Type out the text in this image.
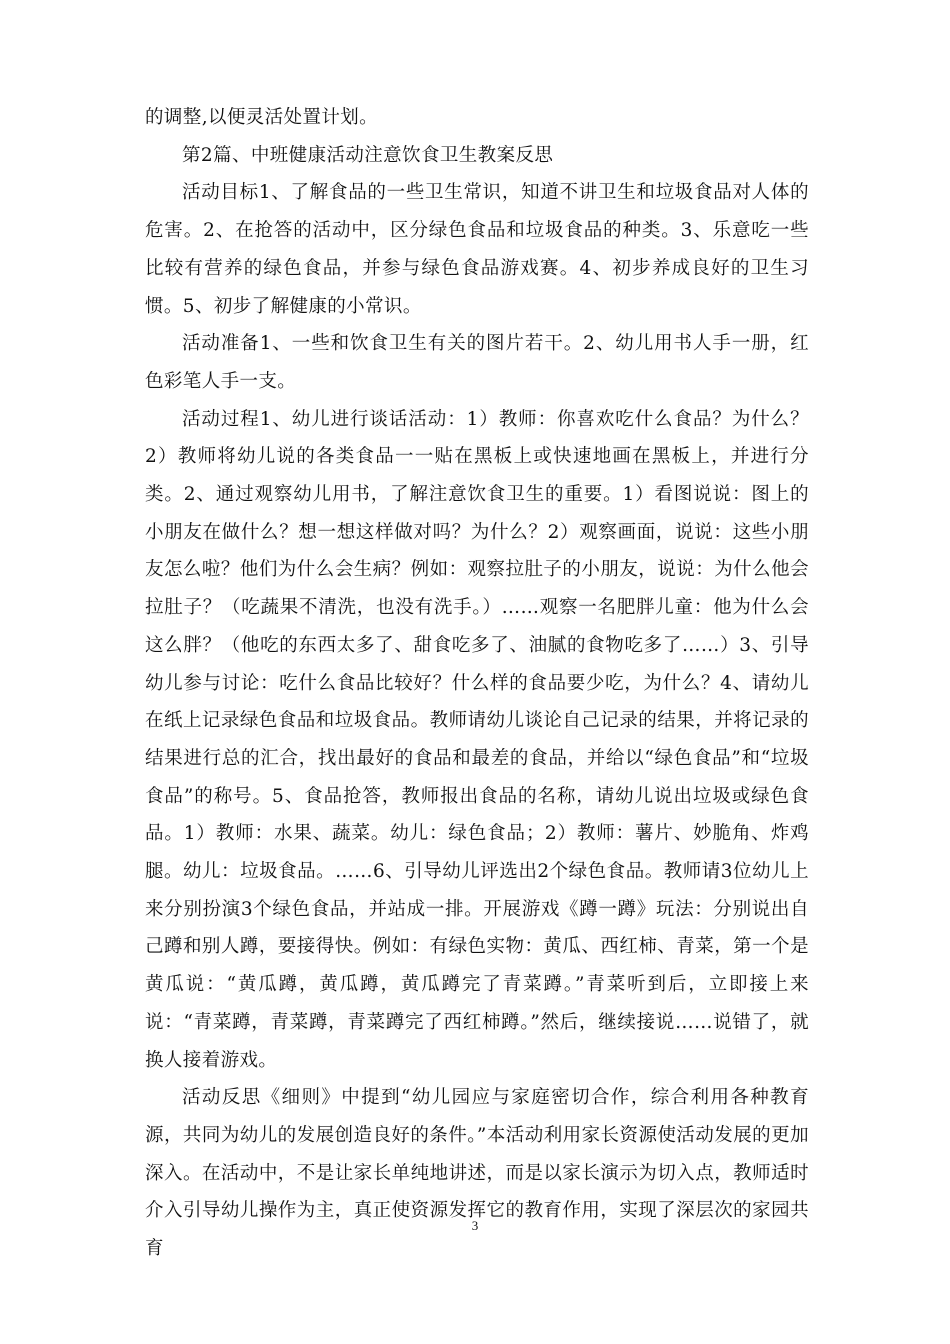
的调整,以便灵活处置计划。

第2篇、中班健康活动注意饮食卫生教案反思

活动目标1、了解食品的一些卫生常识，知道不讲卫生和垃圾食品对人体的危害。2、在抢答的活动中，区分绿色食品和垃圾食品的种类。3、乐意吃一些比较有营养的绿色食品，并参与绿色食品游戏赛。4、初步养成良好的卫生习惯。5、初步了解健康的小常识。

活动准备1、一些和饮食卫生有关的图片若干。2、幼儿用书人手一册，红色彩笔人手一支。

活动过程1、幼儿进行谈话活动：1）教师：你喜欢吃什么食品？为什么？2）教师将幼儿说的各类食品一一贴在黑板上或快速地画在黑板上，并进行分类。2、通过观察幼儿用书，了解注意饮食卫生的重要。1）看图说说：图上的小朋友在做什么？想一想这样做对吗？为什么？2）观察画面，说说：这些小朋友怎么啦？他们为什么会生病？例如：观察拉肚子的小朋友，说说：为什么他会拉肚子？（吃蔬果不清洗，也没有洗手。）……观察一名肥胖儿童：他为什么会这么胖？（他吃的东西太多了、甜食吃多了、油腻的食物吃多了……）3、引导幼儿参与讨论：吃什么食品比较好？什么样的食品要少吃，为什么？4、请幼儿在纸上记录绿色食品和垃圾食品。教师请幼儿谈论自己记录的结果，并将记录的结果进行总的汇合，找出最好的食品和最差的食品，并给以“绿色食品”和“垃圾食品”的称号。5、食品抢答，教师报出食品的名称，请幼儿说出垃圾或绿色食品。1）教师：水果、蔬菜。幼儿：绿色食品；2）教师：薯片、妙脆角、炸鸡腿。幼儿：垃圾食品。……6、引导幼儿评选出2个绿色食品。教师请3位幼儿上来分别扮演3个绿色食品，并站成一排。开展游戏《蹲一蹲》玩法：分别说出自己蹲和别人蹲，要接得快。例如：有绿色实物：黄瓜、西红柿、青菜，第一个是黄瓜说：“黄瓜蹲，黄瓜蹲，黄瓜蹲完了青菜蹲。”青菜听到后，立即接上来说：“青菜蹲，青菜蹲，青菜蹲完了西红柿蹲。”然后，继续接说……说错了，就换人接着游戏。

活动反思《细则》中提到“幼儿园应与家庭密切合作，综合利用各种教育源，共同为幼儿的发展创造良好的条件。”本活动利用家长资源使活动发展的更加深入。在活动中，不是让家长单纯地讲述，而是以家长演示为切入点，教师适时介入引导幼儿操作为主，真正使资源发挥它的教育作用，实现了深层次的家园共育

3
